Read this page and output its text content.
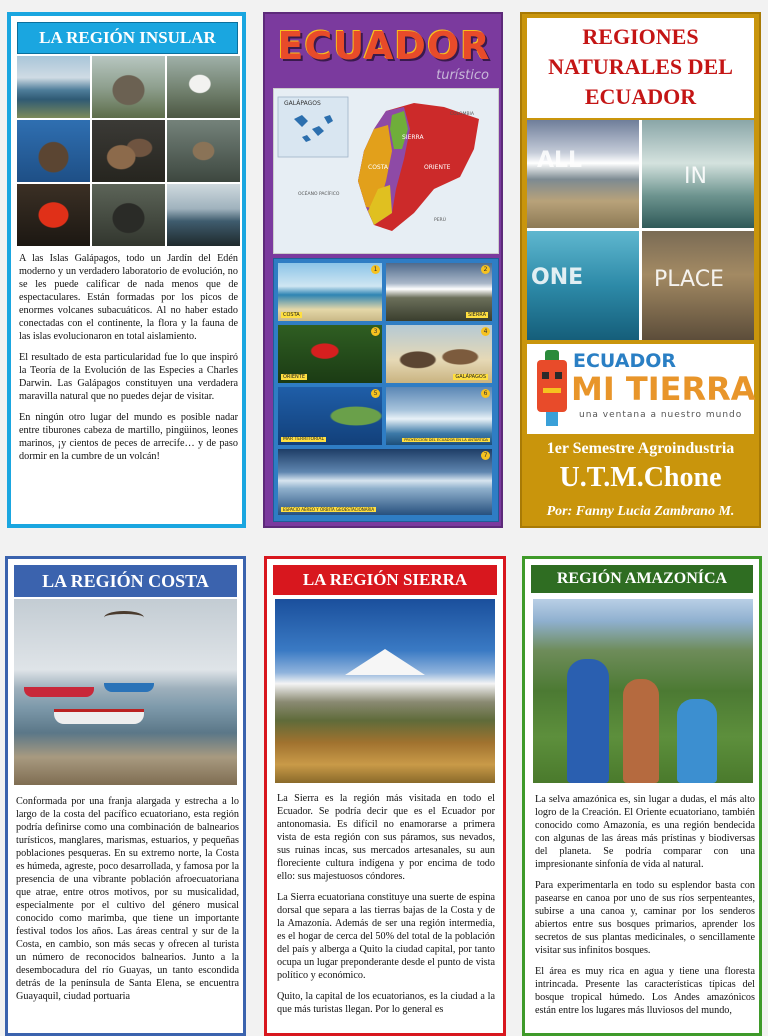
LA REGIÓN INSULAR

A las Islas Galápagos, todo un Jardín del Edén moderno y un verdadero laboratorio de evolución, no se les puede calificar de nada menos que de espectaculares. Están formadas por los picos de enormes volcanes subacuáticos. Al no haber estado conectadas con el continente, la flora y la fauna de las islas evolucionaron en total aislamiento.

El resultado de esta particularidad fue lo que inspiró la Teoría de la Evolución de las Especies a Charles Darwin. Las Galápagos constituyen una verdadera maravilla natural que no puedes dejar de visitar.

En ningún otro lugar del mundo es posible nadar entre tiburones cabeza de martillo, pingüinos, leones marinos, ¡y cientos de peces de arrecife… y de paso dormir en la cumbre de un volcán!

ECUADOR
turístico
GALÁPAGOS
SIERRA
COSTA	ORIENTE
COLOMBIA
PERÚ
OCÉANO PACÍFICO
COSTA
1
SIERRA
2
ORIENTE
3
GALÁPAGOS
4
MAR TERRITORIAL
5
PROYECCIÓN DEL ECUADOR EN LA ANTÁRTIDA
6
ESPACIO AÉREO Y ÓRBITA GEOESTACIONARIA
7
REGIONES NATURALES DEL ECUADOR
ALL
IN
ONE	PLACE
ECUADOR
MI TIERRA
una ventana a nuestro mundo
1er Semestre Agroindustria
U.T.M.Chone
Por: Fanny Lucia Zambrano M.
LA REGIÓN COSTA

Conformada por una franja alargada y estrecha a lo largo de la costa del pacífico ecuatoriano, esta región podría definirse como una combinación de balnearios turísticos, manglares, marismas, estuarios, y pequeñas poblaciones pesqueras. En su extremo norte, la Costa es húmeda, agreste, poco desarrollada, y famosa por la presencia de una vibrante población afroecuatoriana que atrae, entre otros motivos, por su musicalidad, especialmente por el cultivo del género musical conocido como marimba, que tiene un importante festival todos los años. Las áreas central y sur de la Costa, en cambio, son más secas y ofrecen al turista un número de reconocidos balnearios. Junto a la desembocadura del río Guayas, un tanto escondida detrás de la península de Santa Elena, se encuentra Guayaquil, ciudad portuaria

LA REGIÓN SIERRA

La Sierra es la región más visitada en todo el Ecuador. Se podría decir que es el Ecuador por antonomasia. Es difícil no enamorarse a primera vista de esta región con sus páramos, sus nevados, sus ruinas incas, sus mercados artesanales, su aun floreciente cultura indígena y por encima de todo ello: sus majestuosos cóndores.

La Sierra ecuatoriana constituye una suerte de espina dorsal que separa a las tierras bajas de la Costa y de la Amazonía. Además de ser una región intermedia, es el hogar de cerca del 50% del total de la población del país y alberga a Quito la ciudad capital, por tanto ocupa un lugar preponderante desde el punto de vista político y económico.

Quito, la capital de los ecuatorianos, es la ciudad a la que más turistas llegan. Por lo general es

REGIÓN AMAZONÍCA

La selva amazónica es, sin lugar a dudas, el más alto logro de la Creación. El Oriente ecuatoriano, también conocido como Amazonía, es una región bendecida con algunas de las áreas más prístinas y biodiversas del planeta. Se podría comparar con una impresionante sinfonía de vida al natural.

Para experimentarla en todo su esplendor basta con pasearse en canoa por uno de sus ríos serpenteantes, subirse a una canoa y, caminar por los senderos abiertos entre sus bosques primarios, aprender los secretos de sus plantas medicinales, o sencillamente visitar sus infinitos bosques.

El área es muy rica en agua y tiene una floresta intrincada. Presente las características típicas del bosque tropical húmedo. Los Andes amazónicos están entre los lugares más lluviosos del mundo,
